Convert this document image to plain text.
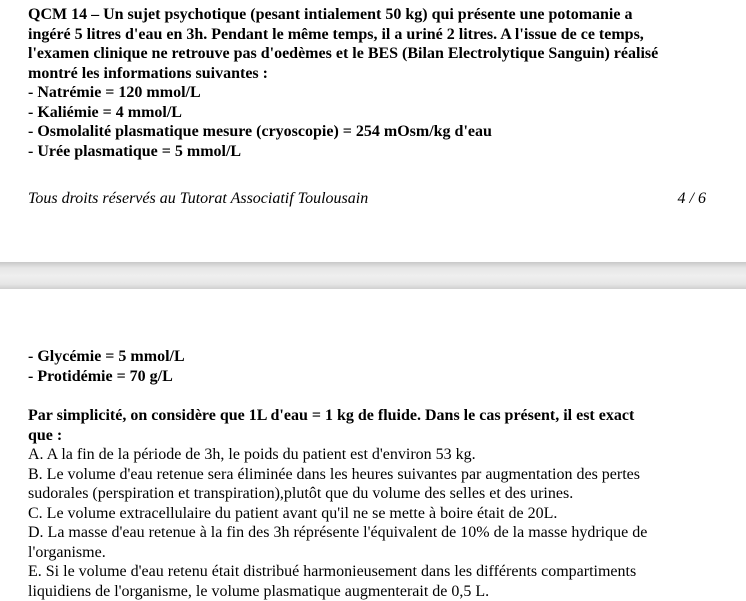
QCM 14 – Un sujet psychotique (pesant intialement 50 kg) qui présente une potomanie a
ingéré 5 litres d'eau en 3h. Pendant le même temps, il a uriné 2 litres. A l'issue de ce temps,
l'examen clinique ne retrouve pas d'oedèmes et le BES (Bilan Electrolytique Sanguin) réalisé
montré les informations suivantes :
- Natrémie = 120 mmol/L
- Kaliémie = 4 mmol/L
- Osmolalité plasmatique mesure (cryoscopie) = 254 mOsm/kg d'eau
- Urée plasmatique = 5 mmol/L
Tous droits réservés au Tutorat Associatif Toulousain	4 / 6
- Glycémie = 5 mmol/L
- Protidémie = 70 g/L
Par simplicité, on considère que 1L d'eau = 1 kg de fluide. Dans le cas présent, il est exact
que :
A. A la fin de la période de 3h, le poids du patient est d'environ 53 kg.
B. Le volume d'eau retenue sera éliminée dans les heures suivantes par augmentation des pertes
sudorales (perspiration et transpiration),plutôt que du volume des selles et des urines.
C. Le volume extracellulaire du patient avant qu'il ne se mette à boire était de 20L.
D. La masse d'eau retenue à la fin des 3h réprésente l'équivalent de 10% de la masse hydrique de
l'organisme.
E. Si le volume d'eau retenu était distribué harmonieusement dans les différents compartiments
liquidiens de l'organisme, le volume plasmatique augmenterait de 0,5 L.
